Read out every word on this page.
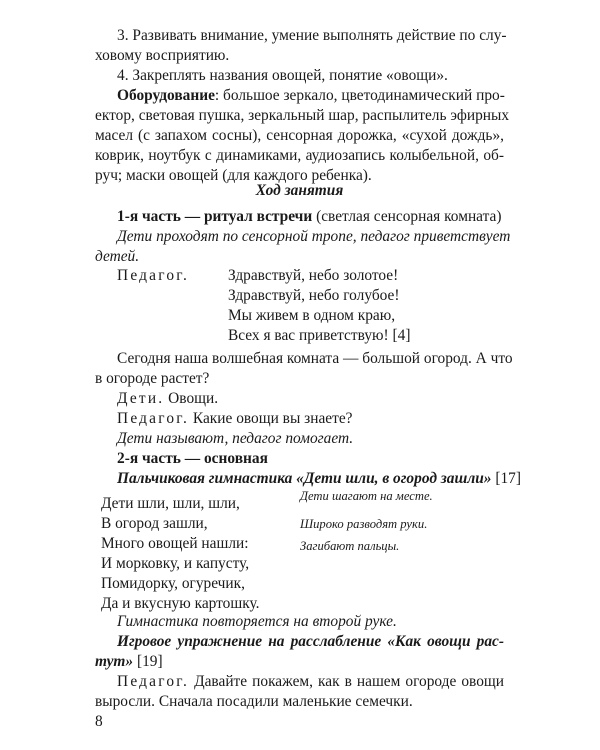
3. Развивать внимание, умение выполнять действие по слу-
ховому восприятию.
4. Закреплять названия овощей, понятие «овощи».
Оборудование: большое зеркало, цветодинамический про-
ектор, световая пушка, зеркальный шар, распылитель эфирных
масел (с запахом сосны), сенсорная дорожка, «сухой дождь»,
коврик, ноутбук с динамиками, аудиозапись колыбельной, об-
руч; маски овощей (для каждого ребенка).
Ход занятия
1-я часть — ритуал встречи (светлая сенсорная комната)
Дети проходят по сенсорной тропе, педагог приветствует
детей.
Педагог.	Здравствуй, небо золотое!
Здравствуй, небо голубое!
Мы живем в одном краю,
Всех я вас приветствую! [4]
Сегодня наша волшебная комната — большой огород. А что
в огороде растет?
Дети. Овощи.
Педагог. Какие овощи вы знаете?
Дети называют, педагог помогает.
2-я часть — основная
Пальчиковая гимнастика «Дети шли, в огород зашли» [17]
Дети шли, шли, шли,
В огород зашли,
Много овощей нашли:
И морковку, и капусту,
Помидорку, огуречик,
Да и вкусную картошку.
Дети шагают на месте.
Широко разводят руки.
Загибают пальцы.
Гимнастика повторяется на второй руке.
Игровое упражнение на расслабление «Как овощи рас-
тут» [19]
Педагог. Давайте покажем, как в нашем огороде овощи
выросли. Сначала посадили маленькие семечки.
8
